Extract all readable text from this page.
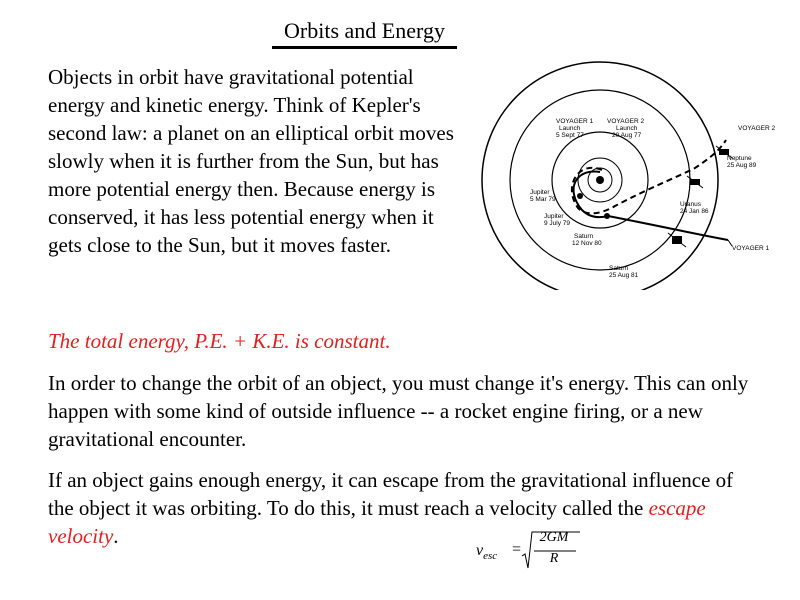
Orbits and Energy

Objects in orbit have gravitational potential energy and kinetic energy. Think of Kepler's second law: a planet on an elliptical orbit moves slowly when it is further from the Sun, but has more potential energy then. Because energy is conserved, it has less potential energy when it gets close to the Sun, but it moves faster.

The total energy, P.E. + K.E. is constant.

In order to change the orbit of an object, you must change it's energy. This can only happen with some kind of outside influence -- a rocket engine firing, or a new gravitational encounter.

If an object gains enough energy, it can escape from the gravitational influence of the object it was orbiting. To do this, it must reach a velocity called the escape velocity.

$v_{esc}$ =
2GM
R
VOYAGER 1
Launch
5 Sept 77
VOYAGER 2
Launch
20 Aug 77
Jupiter
5 Mar 79
Jupiter
9 July 79
Saturn
12 Nov 80
Saturn
25 Aug 81
Uranus
24 Jan 86
Neptune
25 Aug 89
VOYAGER 2
VOYAGER 1
